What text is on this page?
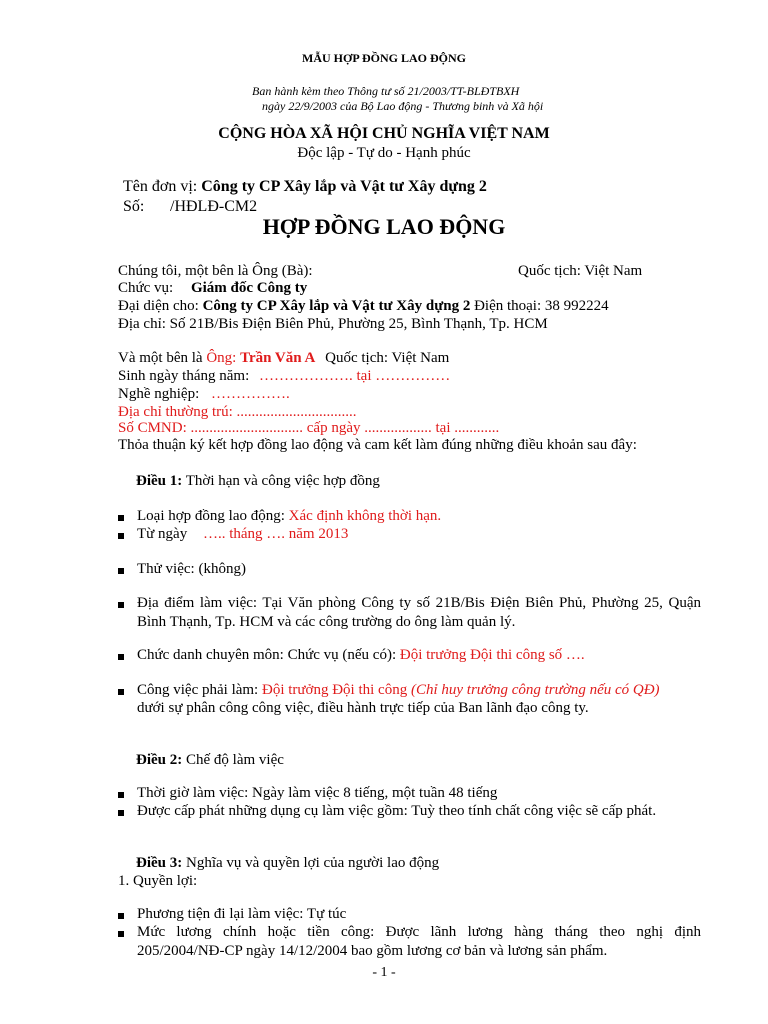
MẪU HỢP ĐỒNG LAO ĐỘNG
Ban hành kèm theo Thông tư số 21/2003/TT-BLĐTBXH
ngày 22/9/2003 của Bộ Lao động - Thương binh và Xã hội
CỘNG HÒA XÃ HỘI CHỦ NGHĨA VIỆT NAM
Độc lập - Tự do - Hạnh phúc
Tên đơn vị: Công ty CP Xây lắp và Vật tư Xây dựng 2
Số: /HĐLĐ-CM2
HỢP ĐỒNG LAO ĐỘNG
Chúng tôi, một bên là Ông (Bà):	Quốc tịch: Việt Nam
Chức vụ: Giám đốc Công ty
Đại diện cho: Công ty CP Xây lắp và Vật tư Xây dựng 2 Điện thoại: 38 992224
Địa chỉ: Số 21B/Bis Điện Biên Phủ, Phường 25, Bình Thạnh, Tp. HCM
Và một bên là Ông: Trần Văn A Quốc tịch: Việt Nam
Sinh ngày tháng năm: ………………. tại ……………
Nghề nghiệp: …………….
Địa chỉ thường trú: ................................
Số CMND: .............................. cấp ngày .................. tại ............
Thỏa thuận ký kết hợp đồng lao động và cam kết làm đúng những điều khoản sau đây:
Điều 1: Thời hạn và công việc hợp đồng
Loại hợp đồng lao động: Xác định không thời hạn.
Từ ngày ….. tháng …. năm 2013
Thử việc: (không)
Địa điểm làm việc: Tại Văn phòng Công ty số 21B/Bis Điện Biên Phủ, Phường 25, Quận
Bình Thạnh, Tp. HCM và các công trường do ông làm quản lý.
Chức danh chuyên môn: Chức vụ (nếu có): Đội trưởng Đội thi công số ….
Công việc phải làm: Đội trưởng Đội thi công (Chỉ huy trưởng công trường nếu có QĐ)
dưới sự phân công công việc, điều hành trực tiếp của Ban lãnh đạo công ty.
Điều 2: Chế độ làm việc
Thời giờ làm việc: Ngày làm việc 8 tiếng, một tuần 48 tiếng
Được cấp phát những dụng cụ làm việc gồm: Tuỳ theo tính chất công việc sẽ cấp phát.
Điều 3: Nghĩa vụ và quyền lợi của người lao động
1. Quyền lợi:
Phương tiện đi lại làm việc: Tự túc
Mức lương chính hoặc tiền công: Được lãnh lương hàng tháng theo nghị định
205/2004/NĐ-CP ngày 14/12/2004 bao gồm lương cơ bản và lương sản phẩm.
- 1 -
